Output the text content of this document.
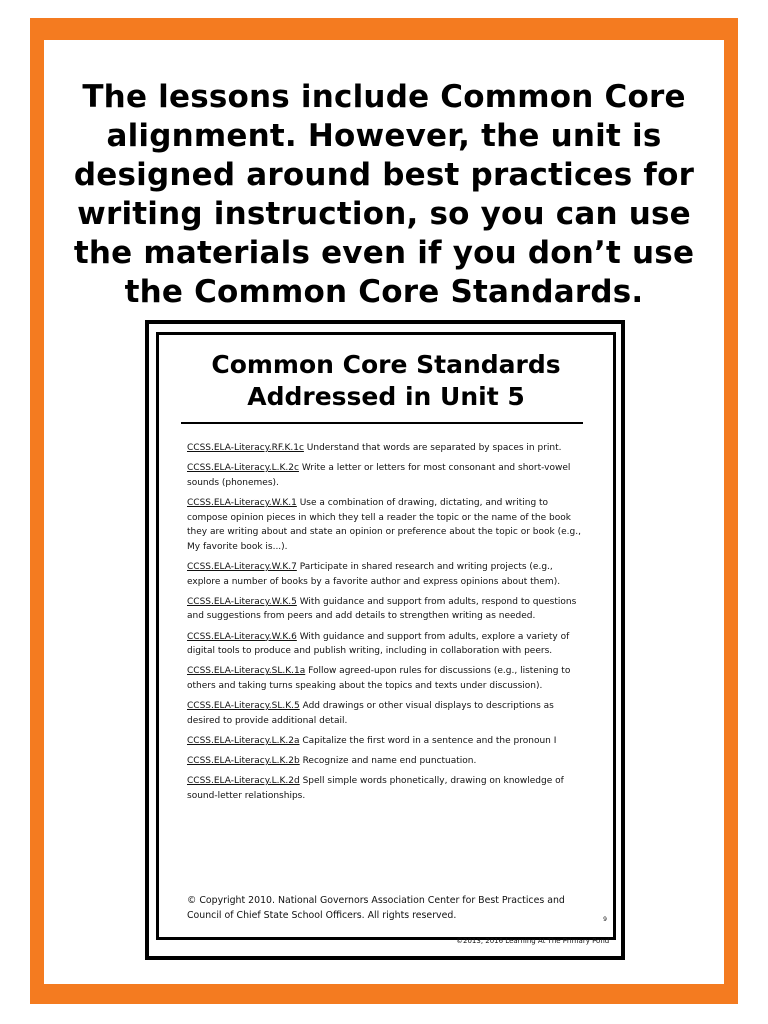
The lessons include Common Core alignment. However, the unit is designed around best practices for writing instruction, so you can use the materials even if you don’t use the Common Core Standards.
Common Core Standards
Addressed in Unit 5

CCSS.ELA-Literacy.RF.K.1c Understand that words are separated by spaces in print.

CCSS.ELA-Literacy.L.K.2c Write a letter or letters for most consonant and short-vowel sounds (phonemes).

CCSS.ELA-Literacy.W.K.1 Use a combination of drawing, dictating, and writing to compose opinion pieces in which they tell a reader the topic or the name of the book they are writing about and state an opinion or preference about the topic or book (e.g., My favorite book is...).

CCSS.ELA-Literacy.W.K.7 Participate in shared research and writing projects (e.g., explore a number of books by a favorite author and express opinions about them).

CCSS.ELA-Literacy.W.K.5 With guidance and support from adults, respond to questions and suggestions from peers and add details to strengthen writing as needed.

CCSS.ELA-Literacy.W.K.6 With guidance and support from adults, explore a variety of digital tools to produce and publish writing, including in collaboration with peers.

CCSS.ELA-Literacy.SL.K.1a Follow agreed-upon rules for discussions (e.g., listening to others and taking turns speaking about the topics and texts under discussion).

CCSS.ELA-Literacy.SL.K.5 Add drawings or other visual displays to descriptions as desired to provide additional detail.

CCSS.ELA-Literacy.L.K.2a Capitalize the first word in a sentence and the pronoun I

CCSS.ELA-Literacy.L.K.2b Recognize and name end punctuation.

CCSS.ELA-Literacy.L.K.2d Spell simple words phonetically, drawing on knowledge of sound-letter relationships.

© Copyright 2010. National Governors Association Center for Best Practices and Council of Chief State School Officers. All rights reserved.	9
©2013, 2016 Learning At The Primary Pond
